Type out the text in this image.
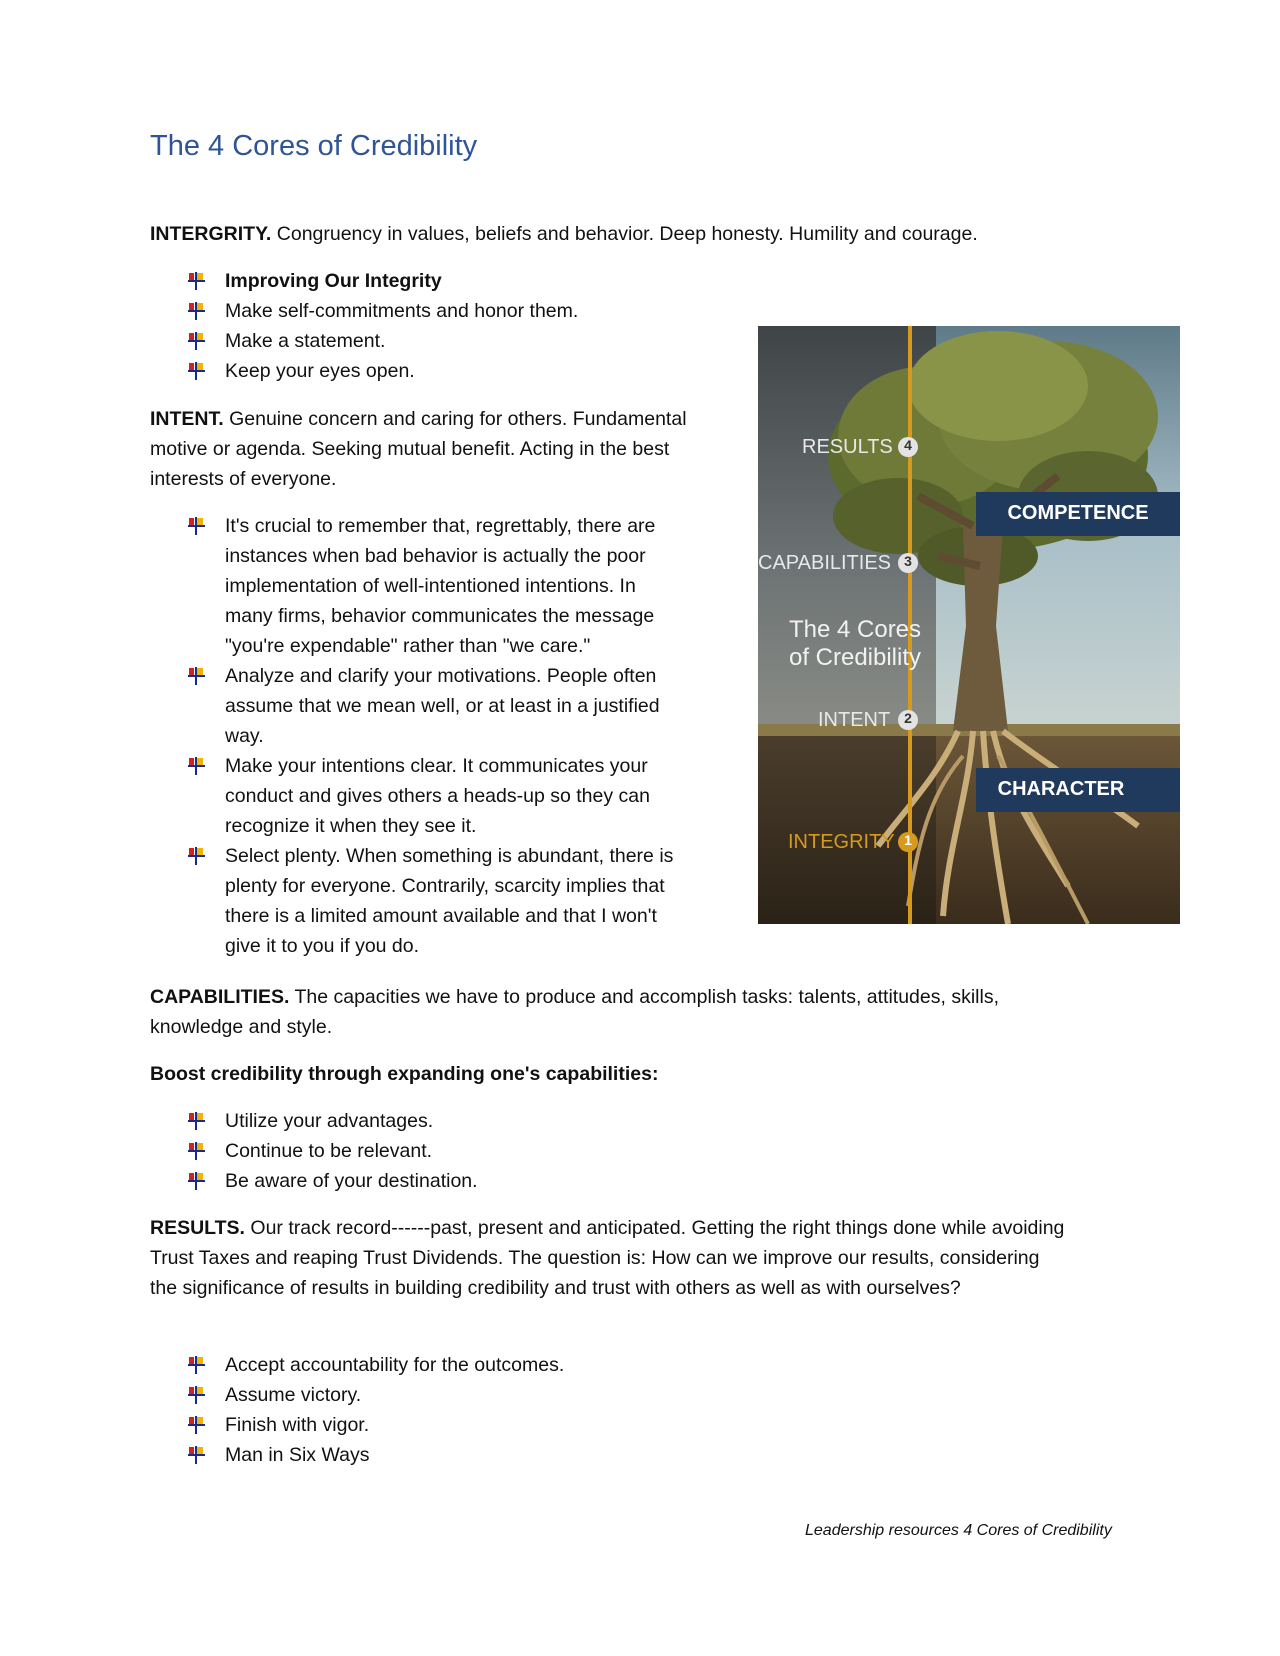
The 4 Cores of Credibility

INTERGRITY. Congruency in values, beliefs and behavior. Deep honesty. Humility and courage.

Improving Our Integrity
Make self-commitments and honor them.
Make a statement.
Keep your eyes open.

INTENT. Genuine concern and caring for others. Fundamental
motive or agenda. Seeking mutual benefit. Acting in the best
interests of everyone.

It's crucial to remember that, regrettably, there are
instances when bad behavior is actually the poor
implementation of well-intentioned intentions. In
many firms, behavior communicates the message
"you're expendable" rather than "we care."
Analyze and clarify your motivations. People often
assume that we mean well, or at least in a justified
way.
Make your intentions clear. It communicates your
conduct and gives others a heads-up so they can
recognize it when they see it.
Select plenty. When something is abundant, there is
plenty for everyone. Contrarily, scarcity implies that
there is a limited amount available and that I won't
give it to you if you do.

CAPABILITIES. The capacities we have to produce and accomplish tasks: talents, attitudes, skills,
knowledge and style.

Boost credibility through expanding one's capabilities:

Utilize your advantages.
Continue to be relevant.
Be aware of your destination.

RESULTS. Our track record------past, present and anticipated. Getting the right things done while avoiding
Trust Taxes and reaping Trust Dividends. The question is: How can we improve our results, considering
the significance of results in building credibility and trust with others as well as with ourselves?

Accept accountability for the outcomes.
Assume victory.
Finish with vigor.
Man in Six Ways
RESULTS 4
CAPABILITIES 3
The 4 Cores
of Credibility
INTENT 2
INTEGRITY 1
COMPETENCE
CHARACTER
Leadership resources 4 Cores of Credibility
